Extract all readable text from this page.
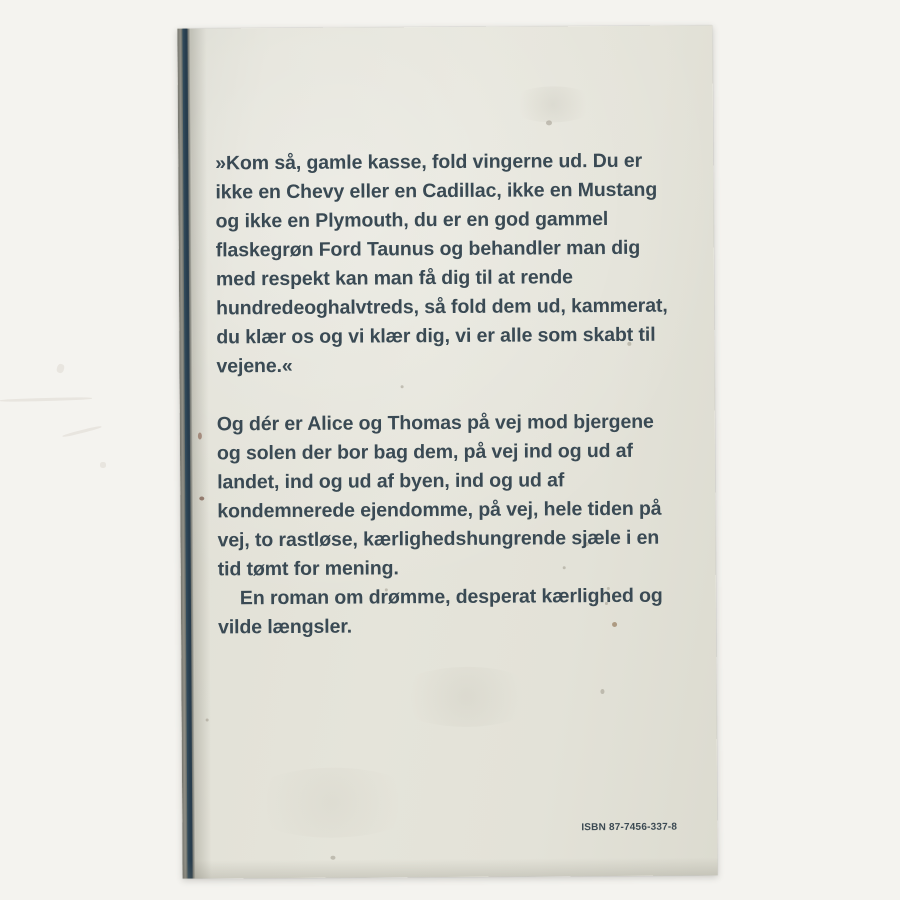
»Kom så, gamle kasse, fold vingerne ud. Du er ikke en Chevy eller en Cadillac, ikke en Mustang og ikke en Plymouth, du er en god gammel flaskegrøn Ford Taunus og behandler man dig med respekt kan man få dig til at rende hundredeoghalvtreds, så fold dem ud, kammerat, du klær os og vi klær dig, vi er alle som skabt til vejene.«

Og dér er Alice og Thomas på vej mod bjergene og solen der bor bag dem, på vej ind og ud af landet, ind og ud af byen, ind og ud af kondemnerede ejendomme, på vej, hele tiden på vej, to rastløse, kærlighedshungrende sjæle i en tid tømt for mening.

En roman om drømme, desperat kærlighed og vilde længsler.

ISBN 87-7456-337-8
